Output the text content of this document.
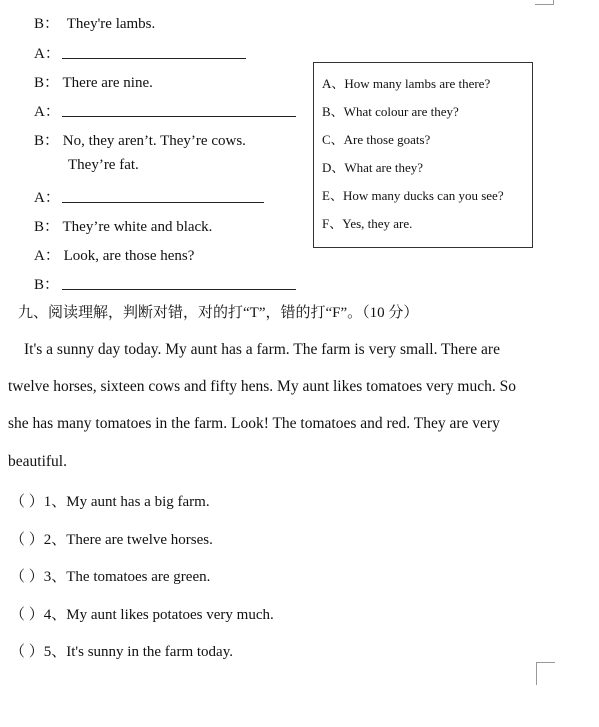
B： They're lambs.
A：
B： There are nine.
A：
B： No, they aren’t. They’re cows.
They’re fat.
A：
B： They’re white and black.
A： Look, are those hens?
B：
A、How many lambs are there?
B、What colour are they?
C、Are those goats?
D、What are they?
E、How many ducks can you see?
F、Yes, they are.
九、阅读理解，判断对错，对的打“T”，错的打“F”。（10 分）
It's a sunny day today. My aunt has a farm. The farm is very small. There are
twelve horses, sixteen cows and fifty hens. My aunt likes tomatoes very much. So
she has many tomatoes in the farm. Look! The tomatoes and red. They are very
beautiful.
（ ）1、My aunt has a big farm.
（ ）2、There are twelve horses.
（ ）3、The tomatoes are green.
（ ）4、My aunt likes potatoes very much.
（ ）5、It's sunny in the farm today.
